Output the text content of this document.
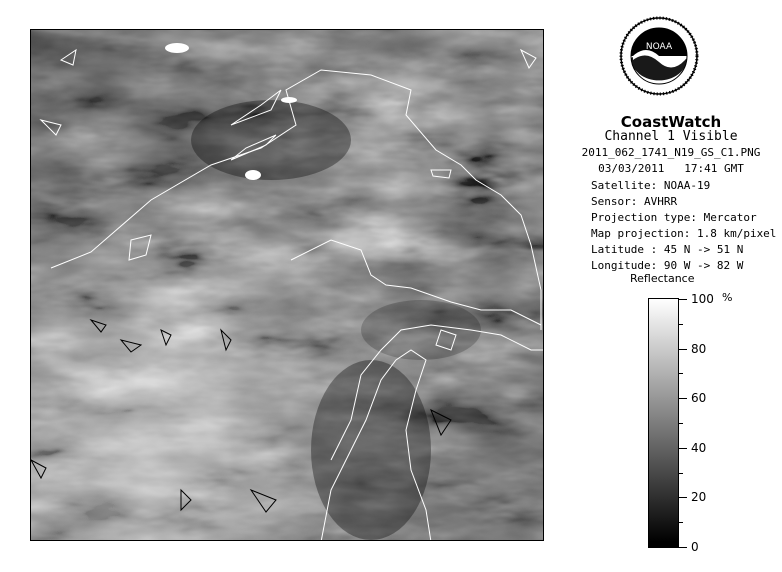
NOAA
CoastWatch
Channel 1 Visible
2011_062_1741_N19_GS_C1.PNG
03/03/2011 17:41 GMT
Satellite: NOAA-19
Sensor: AVHRR
Projection type: Mercator
Map projection: 1.8 km/pixel
Latitude : 45 N -> 51 N
Longitude: 90 W -> 82 W
Reflectance
%
100
80
60
40
20
0
